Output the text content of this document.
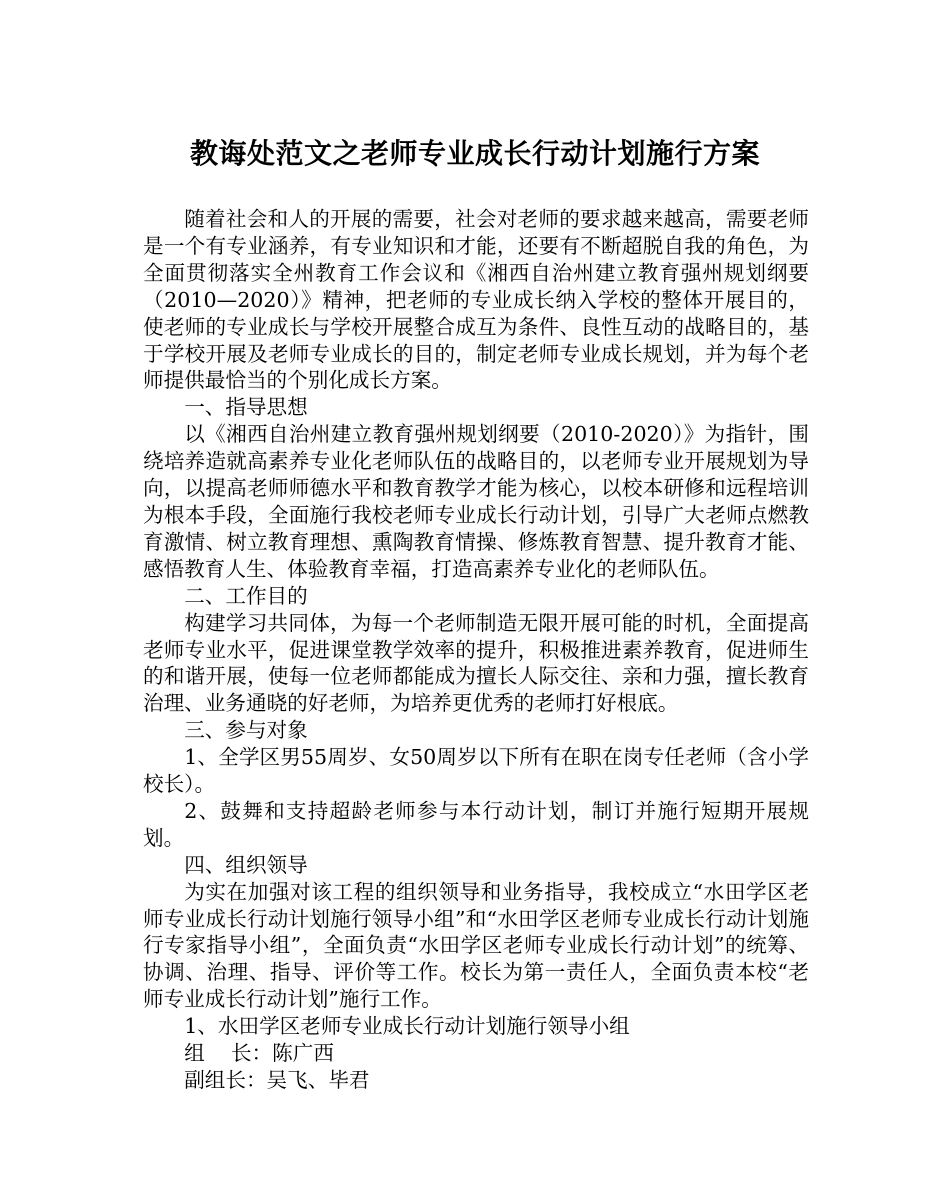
教诲处范文之老师专业成长行动计划施行方案

随着社会和人的开展的需要，社会对老师的要求越来越高，需要老师是一个有专业涵养，有专业知识和才能，还要有不断超脱自我的角色，为全面贯彻落实全州教育工作会议和《湘西自治州建立教育强州规划纲要（2010—2020）》精神，把老师的专业成长纳入学校的整体开展目的，使老师的专业成长与学校开展整合成互为条件、良性互动的战略目的，基于学校开展及老师专业成长的目的，制定老师专业成长规划，并为每个老师提供最恰当的个别化成长方案。

一、指导思想

以《湘西自治州建立教育强州规划纲要（2010-2020）》为指针，围绕培养造就高素养专业化老师队伍的战略目的，以老师专业开展规划为导向，以提高老师师德水平和教育教学才能为核心，以校本研修和远程培训为根本手段，全面施行我校老师专业成长行动计划，引导广大老师点燃教育激情、树立教育理想、熏陶教育情操、修炼教育智慧、提升教育才能、感悟教育人生、体验教育幸福，打造高素养专业化的老师队伍。

二、工作目的

构建学习共同体，为每一个老师制造无限开展可能的时机，全面提高老师专业水平，促进课堂教学效率的提升，积极推进素养教育，促进师生的和谐开展，使每一位老师都能成为擅长人际交往、亲和力强，擅长教育治理、业务通晓的好老师，为培养更优秀的老师打好根底。

三、参与对象

1、全学区男55周岁、女50周岁以下所有在职在岗专任老师（含小学校长）。

2、鼓舞和支持超龄老师参与本行动计划，制订并施行短期开展规划。

四、组织领导

为实在加强对该工程的组织领导和业务指导，我校成立“水田学区老师专业成长行动计划施行领导小组”和“水田学区老师专业成长行动计划施行专家指导小组”，全面负责“水田学区老师专业成长行动计划”的统筹、协调、治理、指导、评价等工作。校长为第一责任人，全面负责本校“老师专业成长行动计划”施行工作。

1、水田学区老师专业成长行动计划施行领导小组

组    长：陈广西

副组长：吴飞、毕君
